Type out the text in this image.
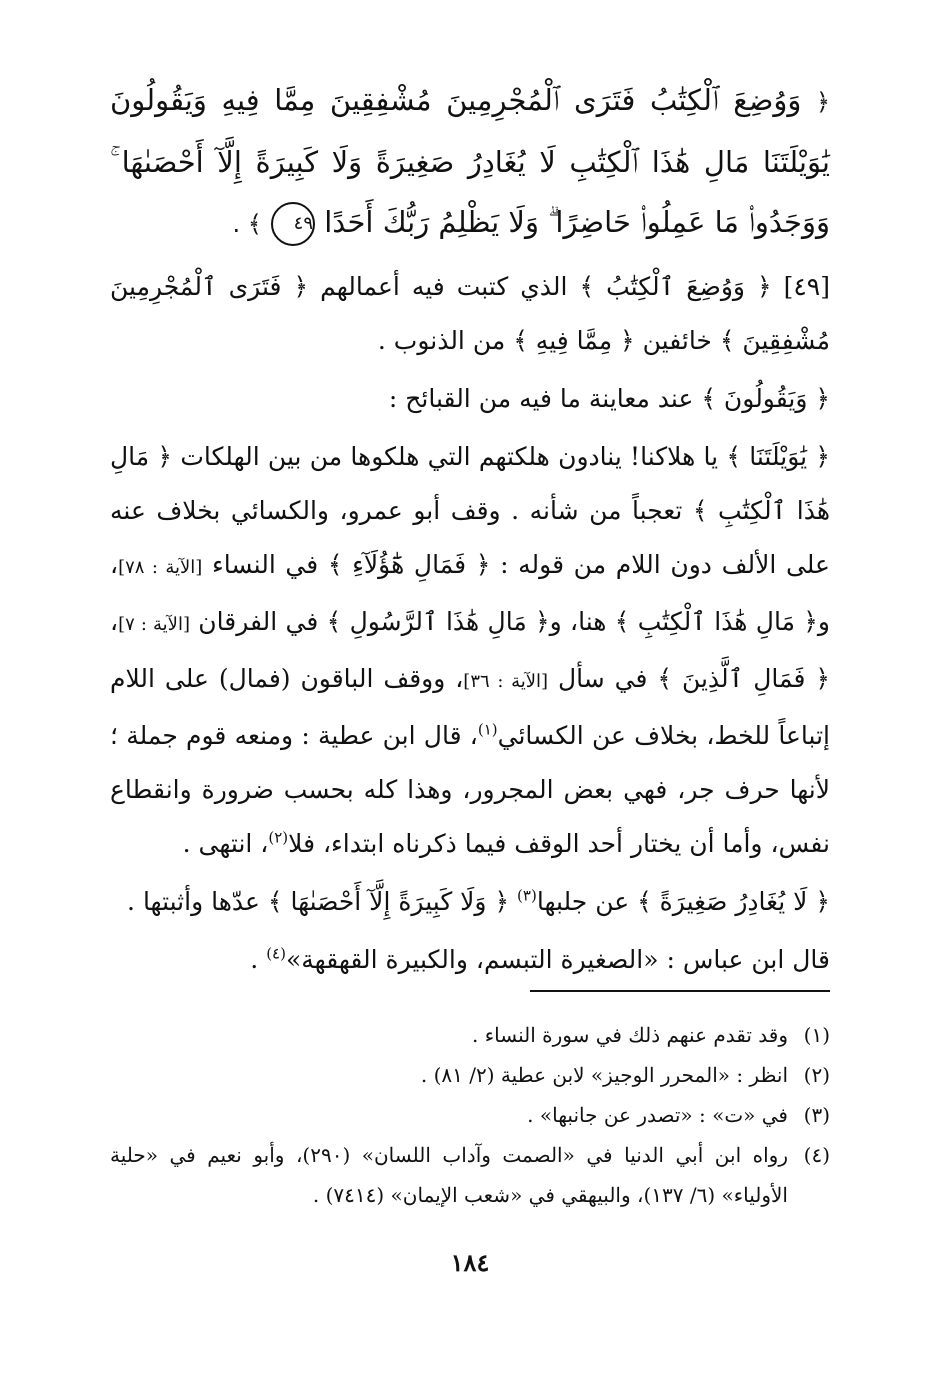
﴿ وَوُضِعَ ٱلْكِتَٰبُ فَتَرَى ٱلْمُجْرِمِينَ مُشْفِقِينَ مِمَّا فِيهِ وَيَقُولُونَ يَٰوَيْلَتَنَا مَالِ هَٰذَا ٱلْكِتَٰبِ لَا يُغَادِرُ صَغِيرَةً وَلَا كَبِيرَةً إِلَّآ أَحْصَىٰهَا ۚ وَوَجَدُوا۟ مَا عَمِلُوا۟ حَاضِرًا ۗ وَلَا يَظْلِمُ رَبُّكَ أَحَدًا ٤٩ ﴾ .

[٤٩] ﴿ وَوُضِعَ ٱلْكِتَٰبُ ﴾ الذي كتبت فيه أعمالهم ﴿ فَتَرَى ٱلْمُجْرِمِينَ مُشْفِقِينَ ﴾ خائفين ﴿ مِمَّا فِيهِ ﴾ من الذنوب .

﴿ وَيَقُولُونَ ﴾ عند معاينة ما فيه من القبائح :

﴿ يَٰوَيْلَتَنَا ﴾ يا هلاكنا! ينادون هلكتهم التي هلكوها من بين الهلكات ﴿ مَالِ هَٰذَا ٱلْكِتَٰبِ ﴾ تعجباً من شأنه . وقف أبو عمرو، والكسائي بخلاف عنه على الألف دون اللام من قوله : ﴿ فَمَالِ هَٰٓؤُلَآءِ ﴾ في النساء [الآية : ٧٨]، و﴿ مَالِ هَٰذَا ٱلْكِتَٰبِ ﴾ هنا، و﴿ مَالِ هَٰذَا ٱلرَّسُولِ ﴾ في الفرقان [الآية : ٧]، ﴿ فَمَالِ ٱلَّذِينَ ﴾ في سأل [الآية : ٣٦]، ووقف الباقون (فمال) على اللام إتباعاً للخط، بخلاف عن الكسائي$^{(١)}$، قال ابن عطية : ومنعه قوم جملة ؛ لأنها حرف جر، فهي بعض المجرور، وهذا كله بحسب ضرورة وانقطاع نفس، وأما أن يختار أحد الوقف فيما ذكرناه ابتداء، فلا$^{(٢)}$، انتهى .

﴿ لَا يُغَادِرُ صَغِيرَةً ﴾ عن جلبها$^{(٣)}$ ﴿ وَلَا كَبِيرَةً إِلَّآ أَحْصَىٰهَا ﴾ عدّها وأثبتها .

قال ابن عباس : «الصغيرة التبسم، والكبيرة القهقهة»$^{(٤)}$ .

(١)
وقد تقدم عنهم ذلك في سورة النساء .
(٢)
انظر : «المحرر الوجيز» لابن عطية (٢/ ٨١) .
(٣)
في «ت» : «تصدر عن جانبها» .
(٤)
رواه ابن أبي الدنيا في «الصمت وآداب اللسان» (٢٩٠)، وأبو نعيم في «حلية الأولياء» (٦/ ١٣٧)، والبيهقي في «شعب الإيمان» (٧٤١٤) .
١٨٤
